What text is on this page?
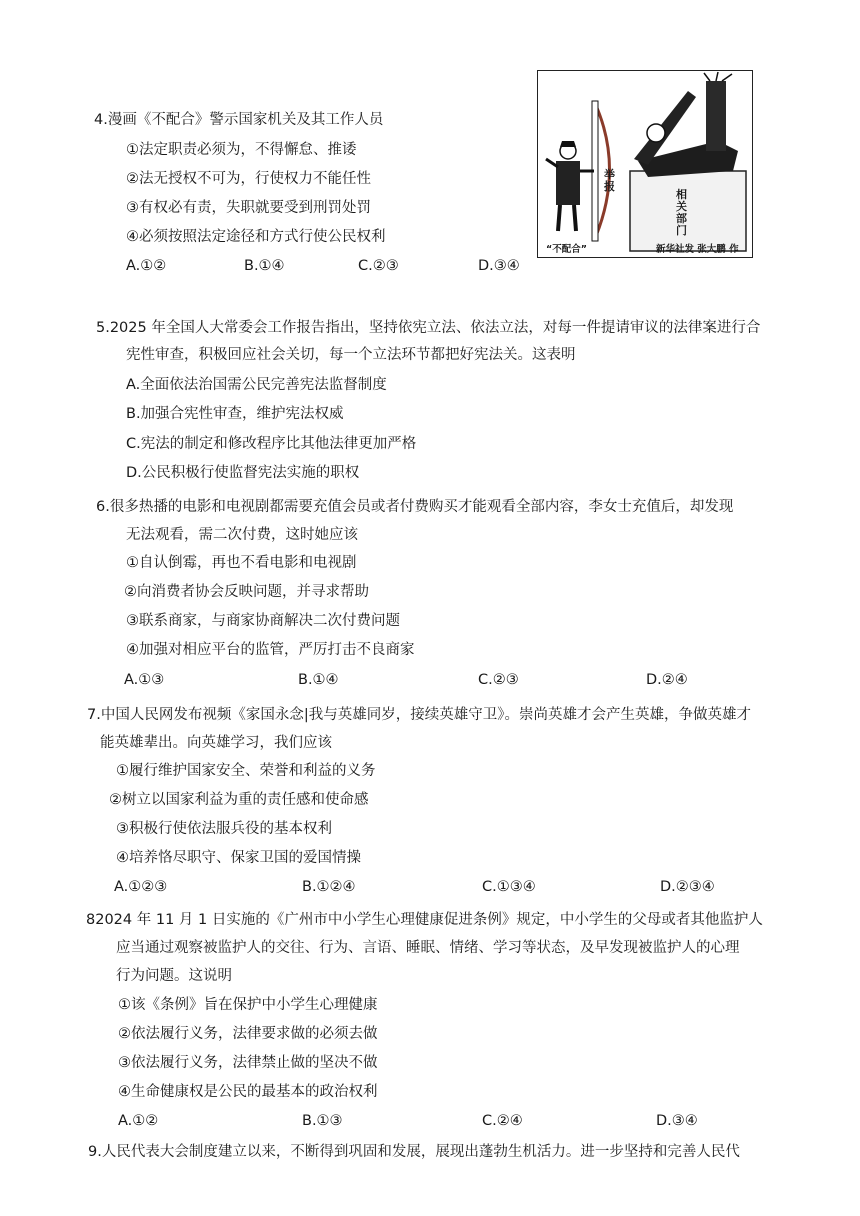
4.漫画《不配合》警示国家机关及其工作人员
①法定职责必须为，不得懈怠、推诿
②法无授权不可为，行使权力不能任性
③有权必有责，失职就要受到刑罚处罚
④必须按照法定途径和方式行使公民权利
A.①②	B.①④	C.②③	D.③④
举报
相关部门
“不配合”	新华社发 张大鹏 作
5.2025 年全国人大常委会工作报告指出，坚持依宪立法、依法立法，对每一件提请审议的法律案进行合
宪性审查，积极回应社会关切，每一个立法环节都把好宪法关。这表明
A.全面依法治国需公民完善宪法监督制度
B.加强合宪性审查，维护宪法权威
C.宪法的制定和修改程序比其他法律更加严格
D.公民积极行使监督宪法实施的职权
6.很多热播的电影和电视剧都需要充值会员或者付费购买才能观看全部内容，李女士充值后，却发现
无法观看，需二次付费，这时她应该
①自认倒霉，再也不看电影和电视剧
②向消费者协会反映问题，并寻求帮助
③联系商家，与商家协商解决二次付费问题
④加强对相应平台的监管，严厉打击不良商家
A.①③	B.①④	C.②③	D.②④
7.中国人民网发布视频《家国永念|我与英雄同岁，接续英雄守卫》。崇尚英雄才会产生英雄，争做英雄才
能英雄辈出。向英雄学习，我们应该
①履行维护国家安全、荣誉和利益的义务
②树立以国家利益为重的责任感和使命感
③积极行使依法服兵役的基本权利
④培养恪尽职守、保家卫国的爱国情操
A.①②③	B.①②④	C.①③④	D.②③④
82024 年 11 月 1 日实施的《广州市中小学生心理健康促进条例》规定，中小学生的父母或者其他监护人
应当通过观察被监护人的交往、行为、言语、睡眠、情绪、学习等状态，及早发现被监护人的心理
行为问题。这说明
①该《条例》旨在保护中小学生心理健康
②依法履行义务，法律要求做的必须去做
③依法履行义务，法律禁止做的坚决不做
④生命健康权是公民的最基本的政治权利
A.①②	B.①③	C.②④	D.③④
9.人民代表大会制度建立以来，不断得到巩固和发展，展现出蓬勃生机活力。进一步坚持和完善人民代
